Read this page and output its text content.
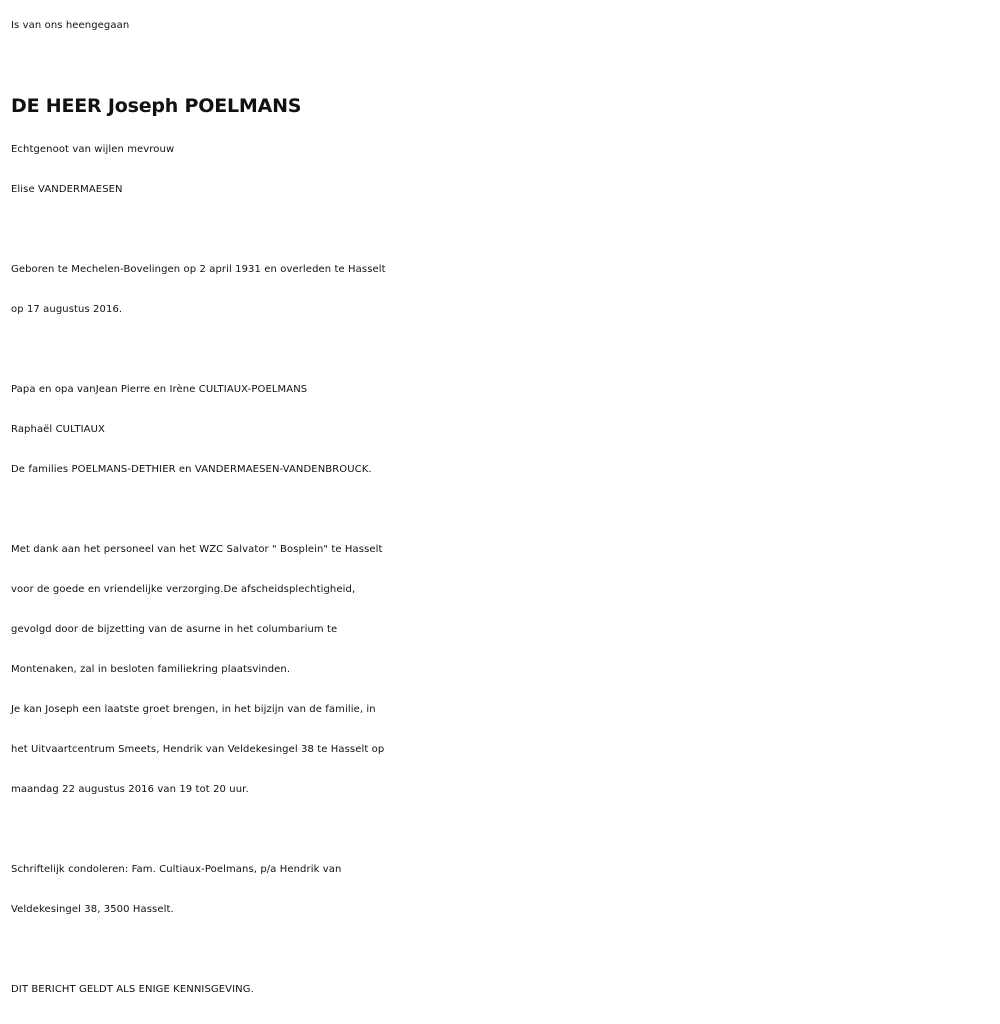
Is van ons heengegaan
DE HEER Joseph POELMANS
Echtgenoot van wijlen mevrouw
Elise VANDERMAESEN
Geboren te Mechelen-Bovelingen op 2 april 1931 en overleden te Hasselt
op 17 augustus 2016.
Papa en opa vanJean Pierre en Irène CULTIAUX-POELMANS
Raphaël CULTIAUX
De families POELMANS-DETHIER en VANDERMAESEN-VANDENBROUCK.
Met dank aan het personeel van het WZC Salvator " Bosplein" te Hasselt
voor de goede en vriendelijke verzorging.De afscheidsplechtigheid,
gevolgd door de bijzetting van de asurne in het columbarium te
Montenaken, zal in besloten familiekring plaatsvinden.
Je kan Joseph een laatste groet brengen, in het bijzijn van de familie, in
het Uitvaartcentrum Smeets, Hendrik van Veldekesingel 38 te Hasselt op
maandag 22 augustus 2016 van 19 tot 20 uur.
Schriftelijk condoleren: Fam. Cultiaux-Poelmans, p/a Hendrik van
Veldekesingel 38, 3500 Hasselt.
DIT BERICHT GELDT ALS ENIGE KENNISGEVING.
